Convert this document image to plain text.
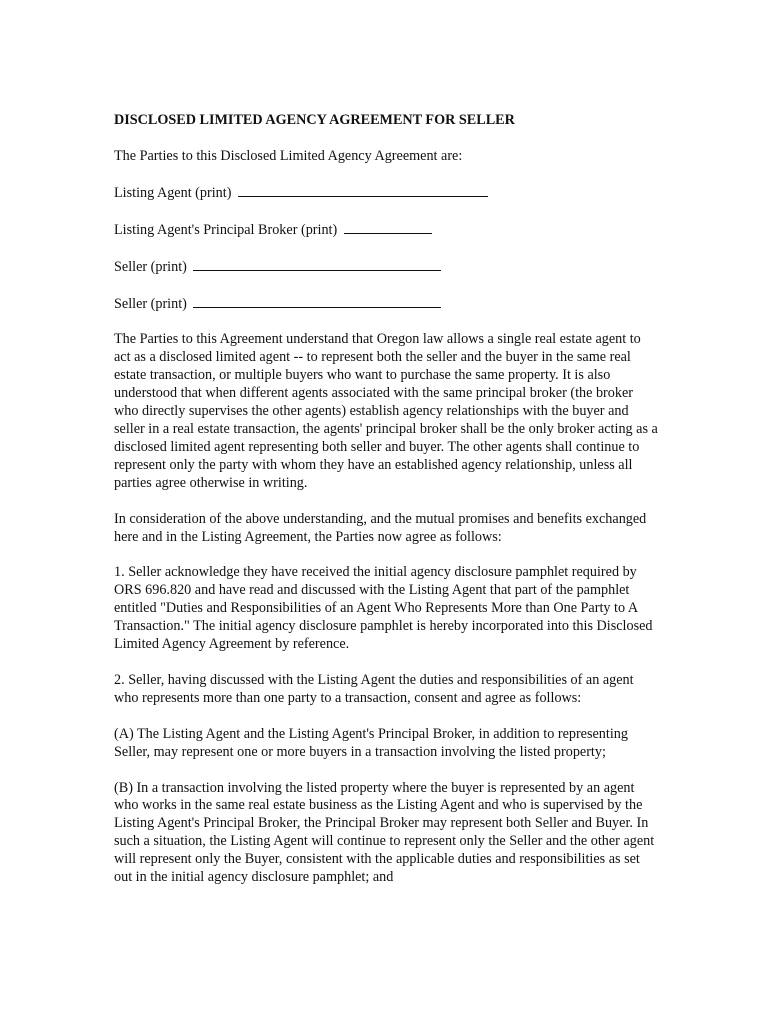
DISCLOSED LIMITED AGENCY AGREEMENT FOR SELLER

The Parties to this Disclosed Limited Agency Agreement are:

Listing Agent (print)
Listing Agent's Principal Broker (print)
Seller (print)
Seller (print)

The Parties to this Agreement understand that Oregon law allows a single real estate agent to act as a disclosed limited agent -- to represent both the seller and the buyer in the same real estate transaction, or multiple buyers who want to purchase the same property. It is also understood that when different agents associated with the same principal broker (the broker who directly supervises the other agents) establish agency relationships with the buyer and seller in a real estate transaction, the agents' principal broker shall be the only broker acting as a disclosed limited agent representing both seller and buyer. The other agents shall continue to represent only the party with whom they have an established agency relationship, unless all parties agree otherwise in writing.

In consideration of the above understanding, and the mutual promises and benefits exchanged here and in the Listing Agreement, the Parties now agree as follows:

1. Seller acknowledge they have received the initial agency disclosure pamphlet required by ORS 696.820 and have read and discussed with the Listing Agent that part of the pamphlet entitled "Duties and Responsibilities of an Agent Who Represents More than One Party to A Transaction." The initial agency disclosure pamphlet is hereby incorporated into this Disclosed Limited Agency Agreement by reference.

2. Seller, having discussed with the Listing Agent the duties and responsibilities of an agent who represents more than one party to a transaction, consent and agree as follows:

(A) The Listing Agent and the Listing Agent's Principal Broker, in addition to representing Seller, may represent one or more buyers in a transaction involving the listed property;

(B) In a transaction involving the listed property where the buyer is represented by an agent who works in the same real estate business as the Listing Agent and who is supervised by the Listing Agent's Principal Broker, the Principal Broker may represent both Seller and Buyer. In such a situation, the Listing Agent will continue to represent only the Seller and the other agent will represent only the Buyer, consistent with the applicable duties and responsibilities as set out in the initial agency disclosure pamphlet; and
